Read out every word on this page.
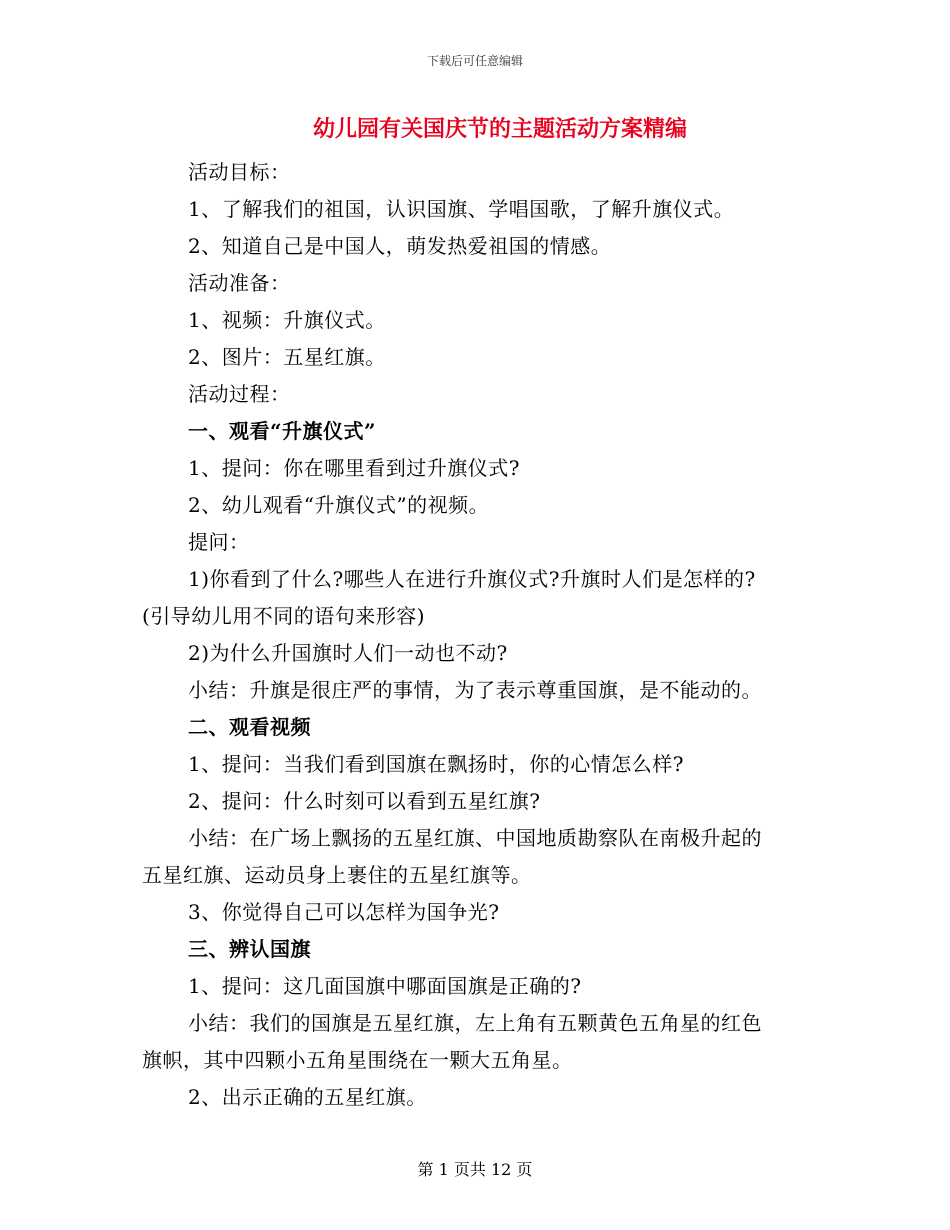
下载后可任意编辑
幼儿园有关国庆节的主题活动方案精编
活动目标：
1、了解我们的祖国，认识国旗、学唱国歌，了解升旗仪式。
2、知道自己是中国人，萌发热爱祖国的情感。
活动准备：
1、视频：升旗仪式。
2、图片：五星红旗。
活动过程：
一、观看“升旗仪式”
1、提问：你在哪里看到过升旗仪式?
2、幼儿观看“升旗仪式”的视频。
提问：
1)你看到了什么?哪些人在进行升旗仪式?升旗时人们是怎样的?
(引导幼儿用不同的语句来形容)
2)为什么升国旗时人们一动也不动?
小结：升旗是很庄严的事情，为了表示尊重国旗，是不能动的。
二、观看视频
1、提问：当我们看到国旗在飘扬时，你的心情怎么样?
2、提问：什么时刻可以看到五星红旗?
小结：在广场上飘扬的五星红旗、中国地质勘察队在南极升起的
五星红旗、运动员身上裹住的五星红旗等。
3、你觉得自己可以怎样为国争光?
三、辨认国旗
1、提问：这几面国旗中哪面国旗是正确的?
小结：我们的国旗是五星红旗，左上角有五颗黄色五角星的红色
旗帜，其中四颗小五角星围绕在一颗大五角星。
2、出示正确的五星红旗。
第 1 页共 12 页
